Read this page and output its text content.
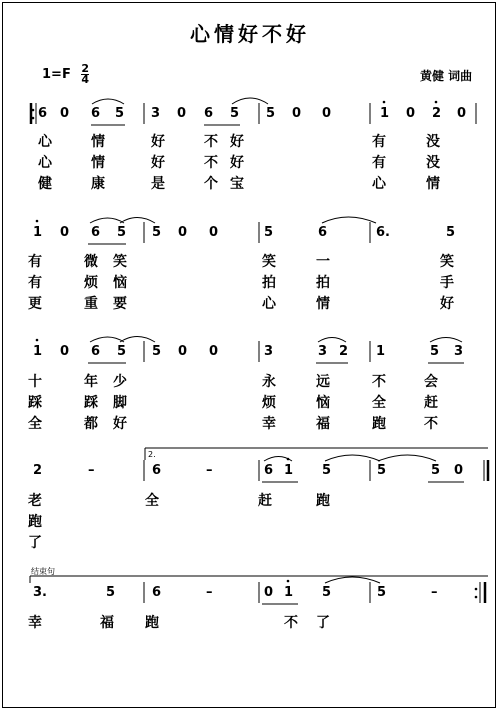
心情好不好
$1=F \frac{2}{4}$	黄健 词曲
2.
结束句
6 0 6 5 3 0 6 5 5 0 0	1 0 2 0
心	情	好	不 好	有	没
心	情	好	不 好	有	没
健	康	是	个 宝	心	情
1 0 6 5 5 0 0	5	6	6.	5
有	微 笑	笑	一	笑
有	烦 恼	拍	拍	手
更	重 要	心	情	好
1 0 6 5 5 0 0	3	3 2 1	5 3
十	年 少	永	远	不	会
踩	踩 脚	烦	恼	全	赶
全	都 好	幸	福	跑	不
2	–	6	–	6 1 5	5	5 0
老	全	赶	跑
跑
了
3.	5	6	–	0 1 5	5	–
幸	福 跑	不 了
